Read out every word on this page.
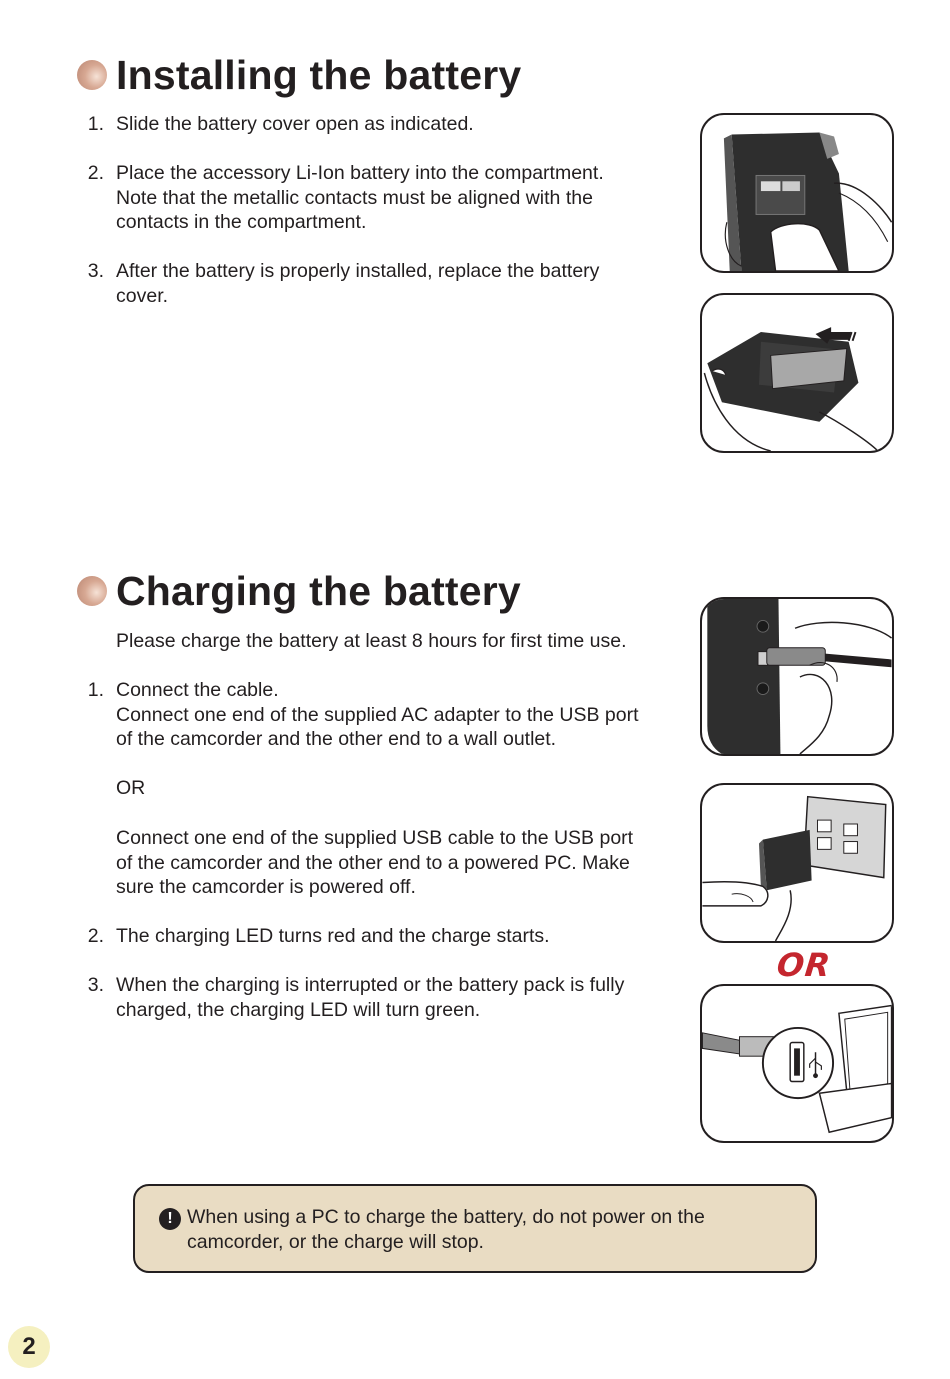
Installing the battery
1. Slide the battery cover open as indicated.
2. Place the accessory Li-Ion battery into the compartment.
Note that the metallic contacts must be aligned with the
contacts in the compartment.
3. After the battery is properly installed, replace the battery
cover.
Charging the battery
Please charge the battery at least 8 hours for first time use.
1. Connect the cable.
Connect one end of the supplied AC adapter to the USB port
of the camcorder and the other end to a wall outlet.
OR
Connect one end of the supplied USB cable to the USB port
of the camcorder and the other end to a powered PC. Make
sure the camcorder is powered off.
2. The charging LED turns red and the charge starts.
3. When the charging is interrupted or the battery pack is fully
charged, the charging LED will turn green.
OR
! When using a PC to charge the battery, do not power on the
camcorder, or the charge will stop.
2
